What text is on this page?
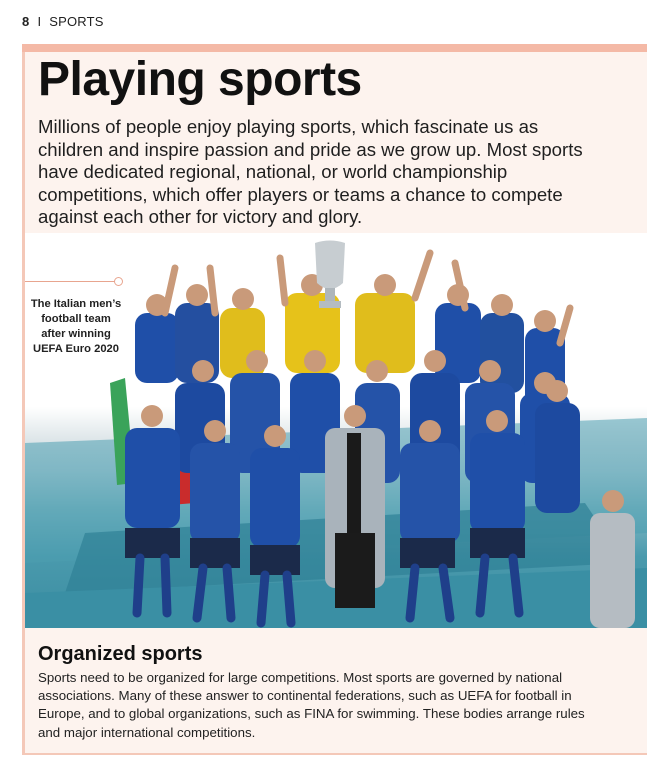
8 I SPORTS
Playing sports
Millions of people enjoy playing sports, which fascinate us as children and inspire passion and pride as we grow up. Most sports have dedicated regional, national, or world championship competitions, which offer players or teams a chance to compete against each other for victory and glory.
The Italian men’s football team after winning UEFA Euro 2020
Organized sports
Sports need to be organized for large competitions. Most sports are governed by national associations. Many of these answer to continental federations, such as UEFA for football in Europe, and to global organizations, such as FINA for swimming. These bodies arrange rules and major international competitions.
